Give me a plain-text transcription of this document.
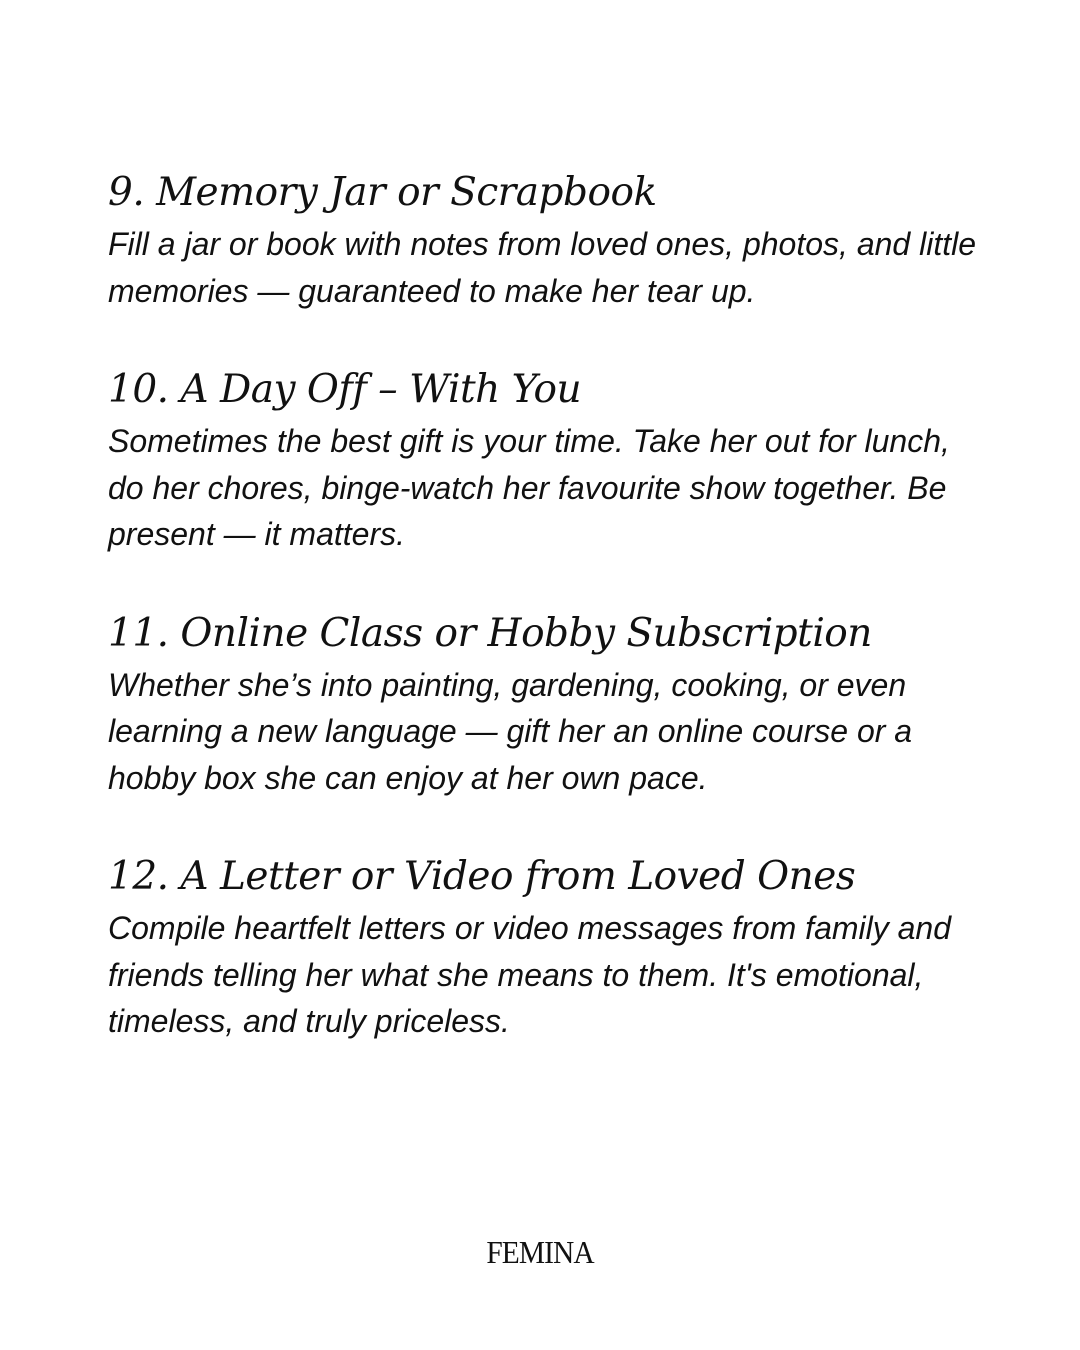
9. Memory Jar or Scrapbook

Fill a jar or book with notes from loved ones, photos, and little memories — guaranteed to make her tear up.

10. A Day Off – With You

Sometimes the best gift is your time. Take her out for lunch, do her chores, binge-watch her favourite show together. Be present — it matters.

11. Online Class or Hobby Subscription

Whether she’s into painting, gardening, cooking, or even learning a new language — gift her an online course or a hobby box she can enjoy at her own pace.

12. A Letter or Video from Loved Ones

Compile heartfelt letters or video messages from family and friends telling her what she means to them. It's emotional, timeless, and truly priceless.

FEMINA
